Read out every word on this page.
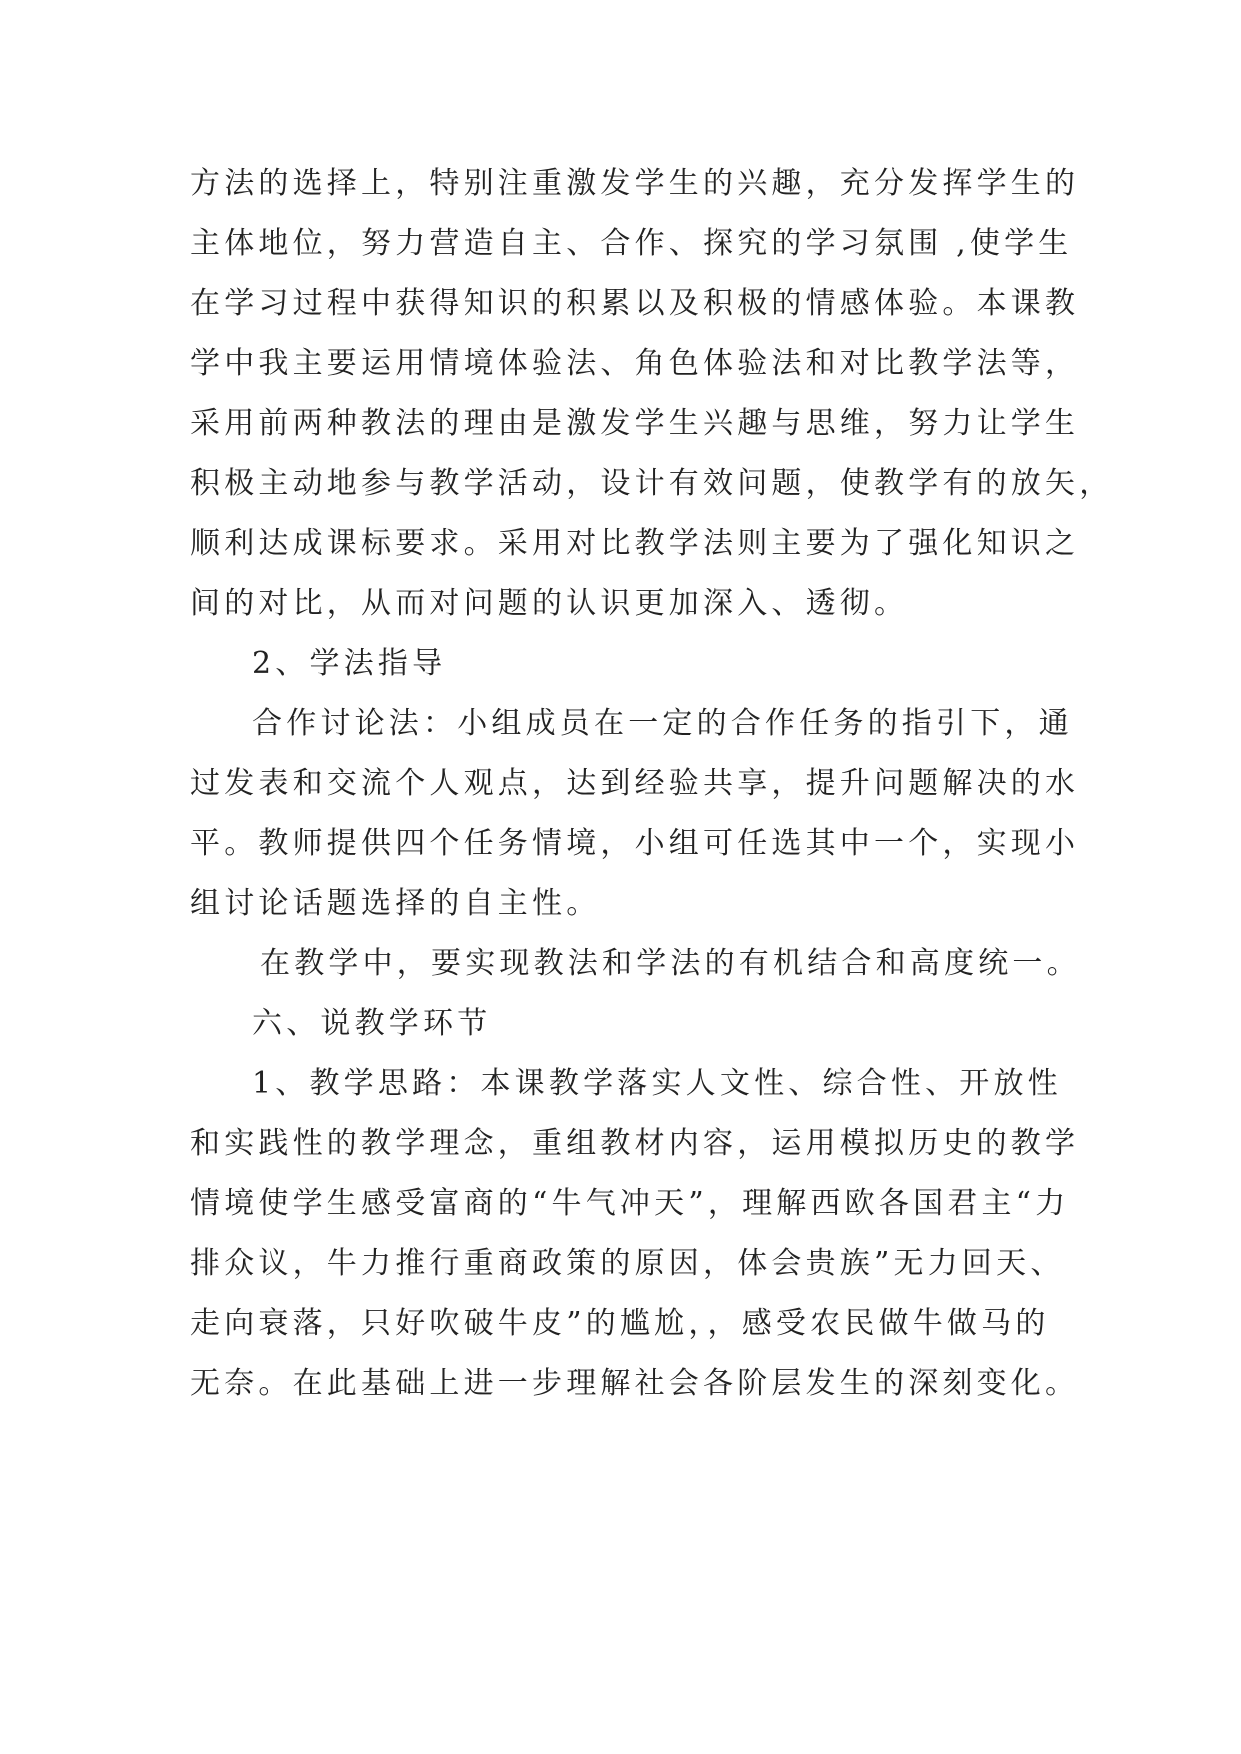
方法的选择上，特别注重激发学生的兴趣，充分发挥学生的
主体地位，努力营造自主、合作、探究的学习氛围 ,使学生
在学习过程中获得知识的积累以及积极的情感体验。本课教
学中我主要运用情境体验法、角色体验法和对比教学法等，
采用前两种教法的理由是激发学生兴趣与思维，努力让学生
积极主动地参与教学活动，设计有效问题，使教学有的放矢，
顺利达成课标要求。采用对比教学法则主要为了强化知识之
间的对比，从而对问题的认识更加深入、透彻。
2、学法指导
合作讨论法：小组成员在一定的合作任务的指引下，通
过发表和交流个人观点，达到经验共享，提升问题解决的水
平。教师提供四个任务情境，小组可任选其中一个，实现小
组讨论话题选择的自主性。
在教学中，要实现教法和学法的有机结合和高度统一。
六、说教学环节
1、教学思路：本课教学落实人文性、综合性、开放性
和实践性的教学理念，重组教材内容，运用模拟历史的教学
情境使学生感受富商的“牛气冲天”，理解西欧各国君主“力
排众议，牛力推行重商政策的原因，体会贵族”无力回天、
走向衰落，只好吹破牛皮”的尴尬，，感受农民做牛做马的
无奈。在此基础上进一步理解社会各阶层发生的深刻变化。
